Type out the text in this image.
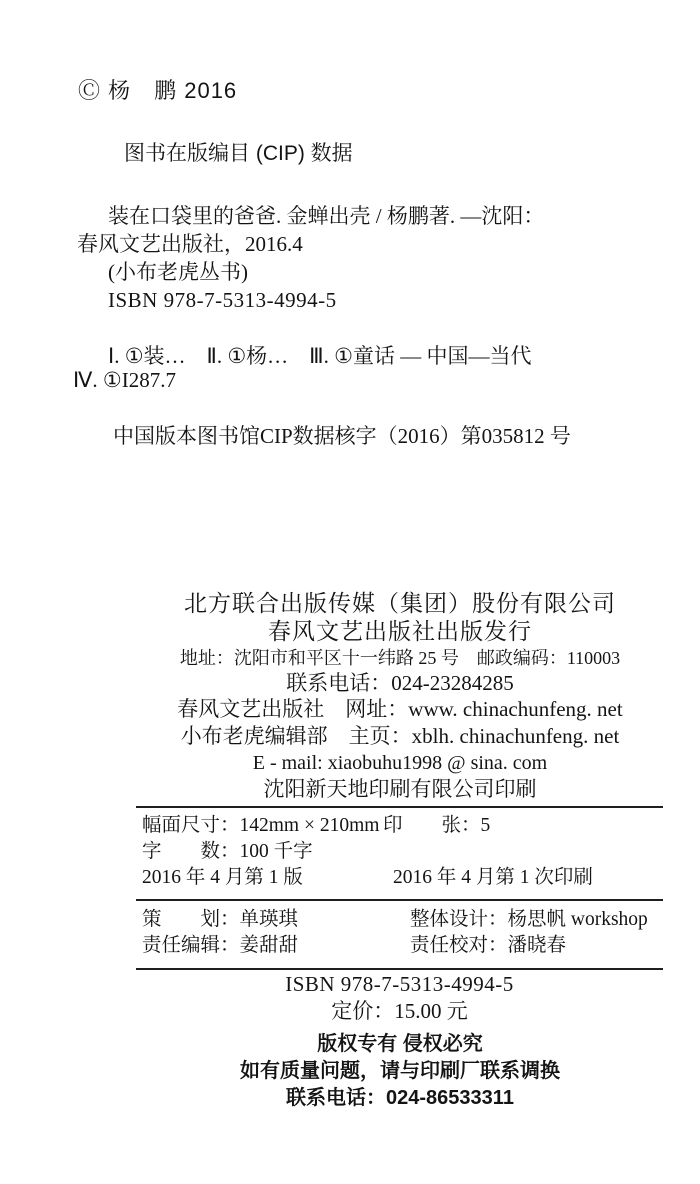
Ⓒ 杨　鹏 2016
图书在版编目 (CIP) 数据
装在口袋里的爸爸. 金蝉出壳 / 杨鹏著. —沈阳：
春风文艺出版社，2016.4
(小布老虎丛书)
ISBN 978-7-5313-4994-5
Ⅰ. ①装…　Ⅱ. ①杨…　Ⅲ. ①童话 — 中国—当代
Ⅳ. ①I287.7
中国版本图书馆CIP数据核字（2016）第035812 号
北方联合出版传媒（集团）股份有限公司
春风文艺出版社出版发行
地址：沈阳市和平区十一纬路 25 号　邮政编码：110003
联系电话：024-23284285
春风文艺出版社　网址：www. chinachunfeng. net
小布老虎编辑部　主页：xblh. chinachunfeng. net
E - mail: xiaobuhu1998 @ sina. com
沈阳新天地印刷有限公司印刷
幅面尺寸：142mm × 210mm 印　　张：5
字　　数：100 千字
2016 年 4 月第 1 版	2016 年 4 月第 1 次印刷
策　　划：单瑛琪	整体设计：杨思帆 workshop
责任编辑：姜甜甜	责任校对：潘晓春
ISBN 978-7-5313-4994-5
定价：15.00 元
版权专有 侵权必究
如有质量问题，请与印刷厂联系调换
联系电话：024-86533311
